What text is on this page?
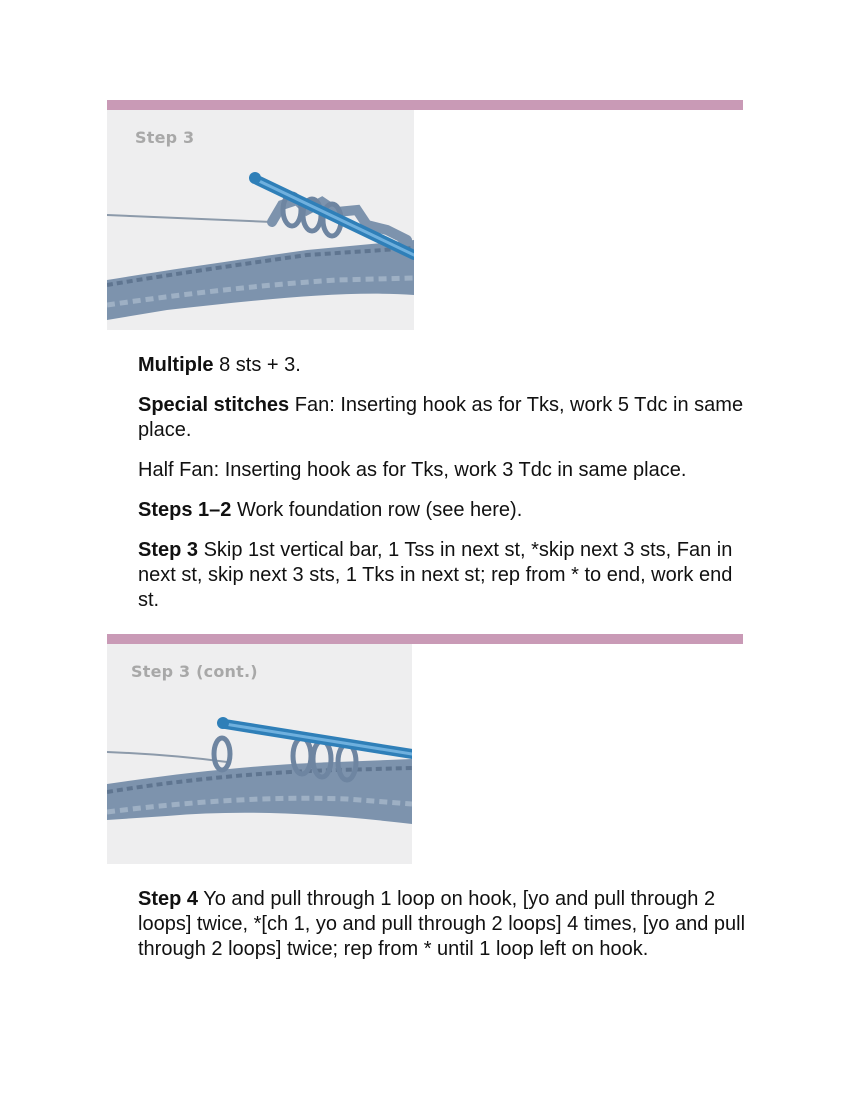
Step 3

Multiple 8 sts + 3.

Special stitches Fan: Inserting hook as for Tks, work 5 Tdc in same place.

Half Fan: Inserting hook as for Tks, work 3 Tdc in same place.

Steps 1–2 Work foundation row (see here).

Step 3 Skip 1st vertical bar, 1 Tss in next st, *skip next 3 sts, Fan in next st, skip next 3 sts, 1 Tks in next st; rep from * to end, work end st.

Step 3 (cont.)

Step 4 Yo and pull through 1 loop on hook, [yo and pull through 2 loops] twice, *[ch 1, yo and pull through 2 loops] 4 times, [yo and pull through 2 loops] twice; rep from * until 1 loop left on hook.
